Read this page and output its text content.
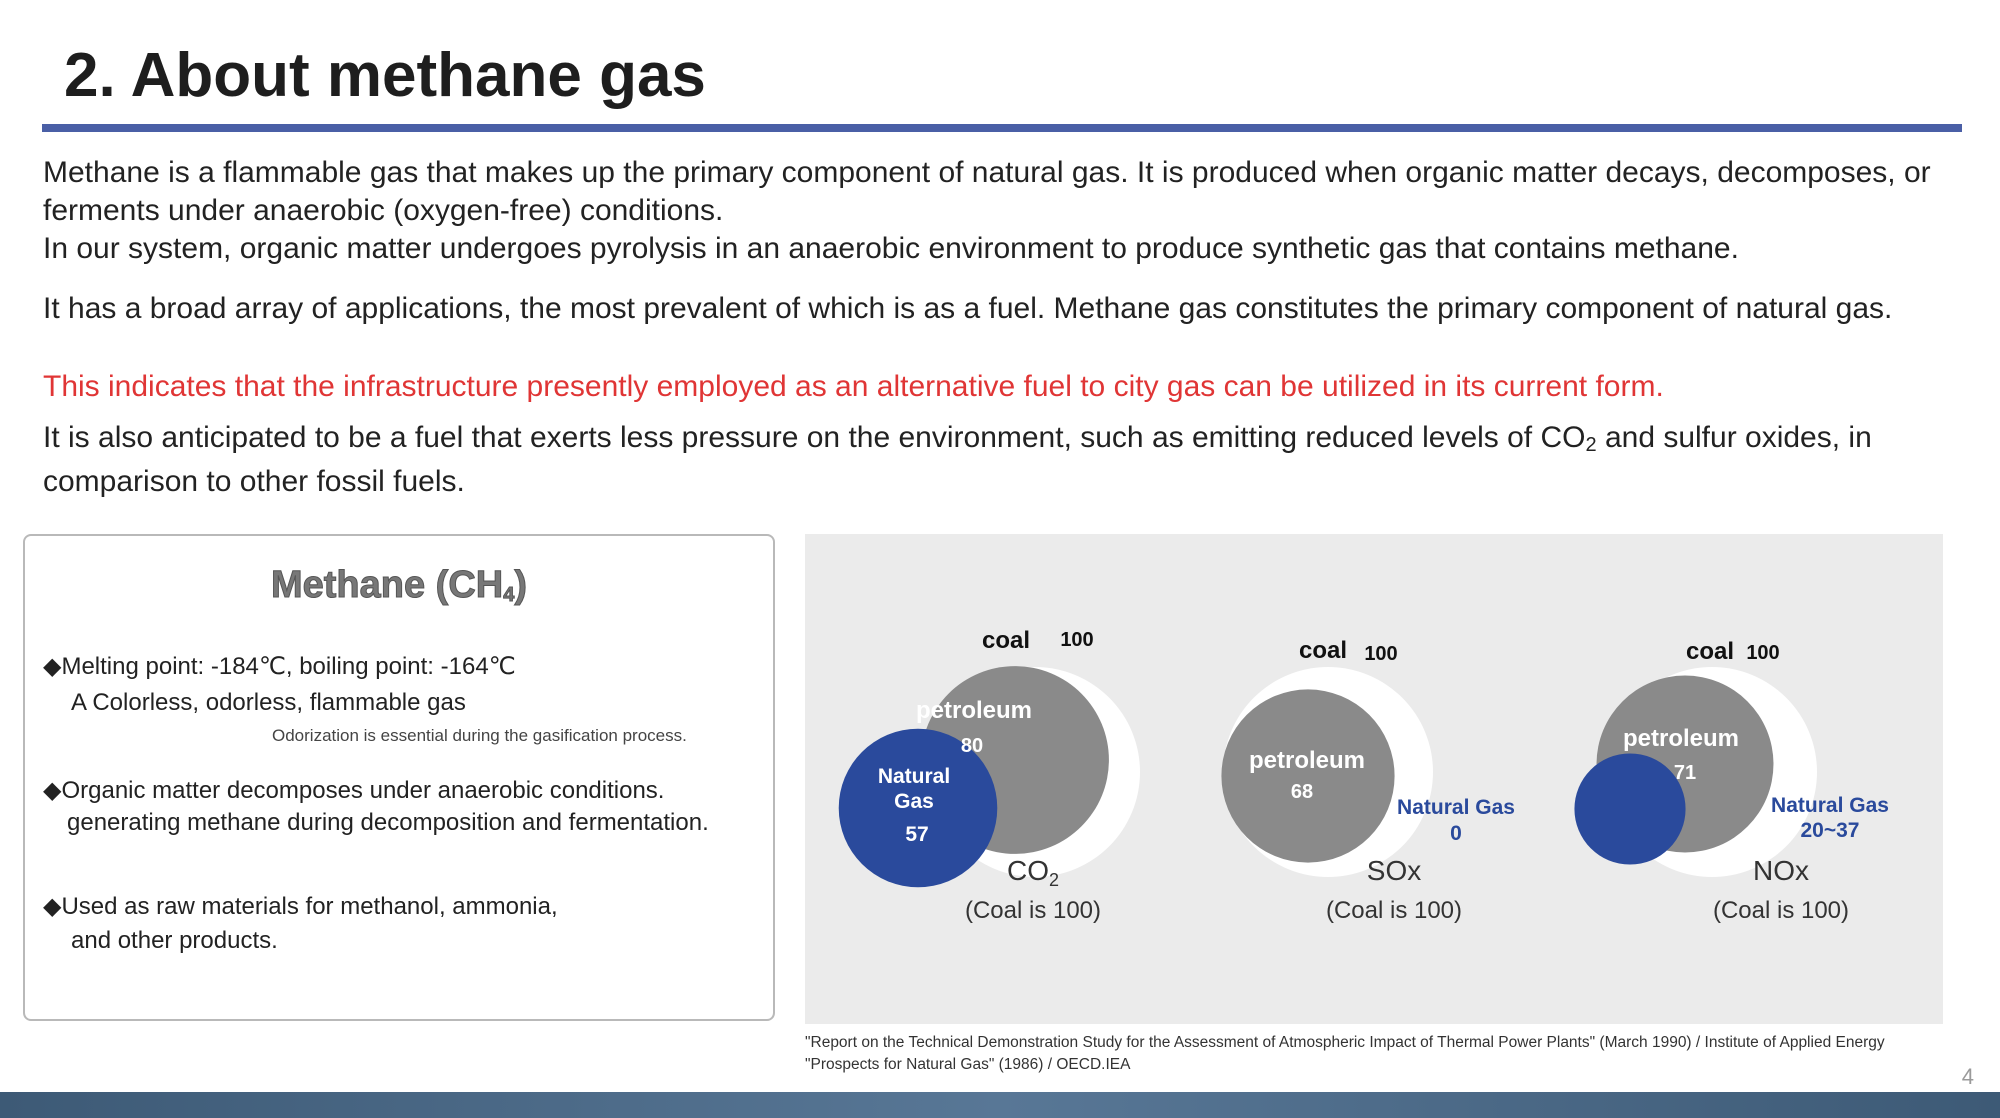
2. About methane gas

Methane is a flammable gas that makes up the primary component of natural gas. It is produced when organic matter decays, decomposes, or ferments under anaerobic (oxygen-free) conditions.
In our system, organic matter undergoes pyrolysis in an anaerobic environment to produce synthetic gas that contains methane.

It has a broad array of applications, the most prevalent of which is as a fuel. Methane gas constitutes the primary component of natural gas.

This indicates that the infrastructure presently employed as an alternative fuel to city gas can be utilized in its current form.

It is also anticipated to be a fuel that exerts less pressure on the environment, such as emitting reduced levels of $CO_2$ and sulfur oxides, in comparison to other fossil fuels.

Methane $(CH_4)$
◆Melting point: -184℃, boiling point: -164℃
A Colorless, odorless, flammable gas
Odorization is essential during the gasification process.
◆Organic matter decomposes under anaerobic conditions.
generating methane during decomposition and fermentation.
◆Used as raw materials for methanol, ammonia,
and other products.
coal 100
petroleum
80
Natural
Gas
57
$CO_2$
(Coal is 100)
coal 100
petroleum
68
Natural Gas
0
SOx
(Coal is 100)
coal 100
petroleum
71
Natural Gas
20~37
NOx
(Coal is 100)
"Report on the Technical Demonstration Study for the Assessment of Atmospheric Impact of Thermal Power Plants" (March 1990) / Institute of Applied Energy "Prospects for Natural Gas" (1986) / OECD.IEA	4
